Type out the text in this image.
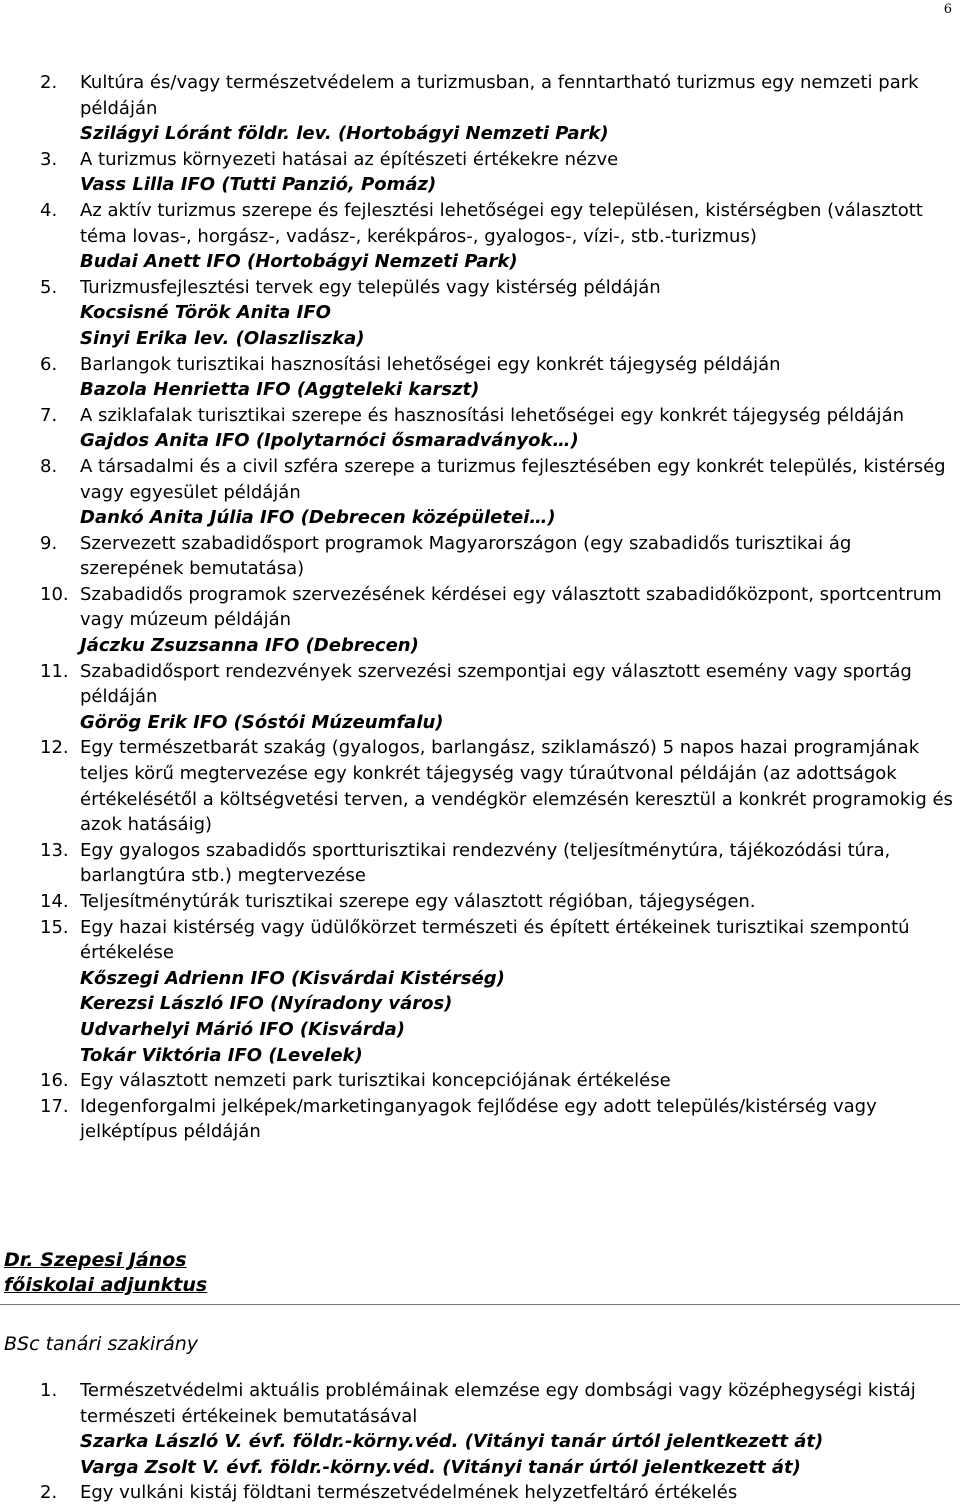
6
2.	Kultúra és/vagy természetvédelem a turizmusban, a fenntartható turizmus egy nemzeti park példáján
Szilágyi Lóránt földr. lev. (Hortobágyi Nemzeti Park)
3.	A turizmus környezeti hatásai az építészeti értékekre nézve
Vass Lilla IFO (Tutti Panzió, Pomáz)
4.	Az aktív turizmus szerepe és fejlesztési lehetőségei egy településen, kistérségben (választott téma lovas-, horgász-, vadász-, kerékpáros-, gyalogos-, vízi-, stb.-turizmus)
Budai Anett IFO (Hortobágyi Nemzeti Park)
5.	Turizmusfejlesztési tervek egy település vagy kistérség példáján
Kocsisné Török Anita IFO
Sinyi Erika lev. (Olaszliszka)
6.	Barlangok turisztikai hasznosítási lehetőségei egy konkrét tájegység példáján
Bazola Henrietta IFO (Aggteleki karszt)
7.	A sziklafalak turisztikai szerepe és hasznosítási lehetőségei egy konkrét tájegység példáján
Gajdos Anita IFO (Ipolytarnóci ősmaradványok…)
8.	A társadalmi és a civil szféra szerepe a turizmus fejlesztésében egy konkrét település, kistérség vagy egyesület példáján
Dankó Anita Júlia IFO (Debrecen középületei…)
9.	Szervezett szabadidősport programok Magyarországon (egy szabadidős turisztikai ág szerepének bemutatása)
10. Szabadidős programok szervezésének kérdései egy választott szabadidőközpont, sportcentrum vagy múzeum példáján
Jáczku Zsuzsanna IFO (Debrecen)
11. Szabadidősport rendezvények szervezési szempontjai egy választott esemény vagy sportág példáján
Görög Erik IFO (Sóstói Múzeumfalu)
12. Egy természetbarát szakág (gyalogos, barlangász, sziklamászó) 5 napos hazai programjának teljes körű megtervezése egy konkrét tájegység vagy túraútvonal példáján (az adottságok értékelésétől a költségvetési terven, a vendégkör elemzésén keresztül a konkrét programokig és azok hatásáig)
13. Egy gyalogos szabadidős sportturisztikai rendezvény (teljesítménytúra, tájékozódási túra, barlangtúra stb.) megtervezése
14. Teljesítménytúrák turisztikai szerepe egy választott régióban, tájegységen.
15. Egy hazai kistérség vagy üdülőkörzet természeti és épített értékeinek turisztikai szempontú értékelése
Kőszegi Adrienn IFO (Kisvárdai Kistérség)
Kerezsi László IFO (Nyíradony város)
Udvarhelyi Márió IFO (Kisvárda)
Tokár Viktória IFO (Levelek)
16. Egy választott nemzeti park turisztikai koncepciójának értékelése
17. Idegenforgalmi jelképek/marketinganyagok fejlődése egy adott település/kistérség vagy jelképtípus példáján
Dr. Szepesi János
főiskolai adjunktus
BSc tanári szakirány
1.	Természetvédelmi aktuális problémáinak elemzése egy dombsági vagy középhegységi kistáj természeti értékeinek bemutatásával
Szarka László V. évf. földr.-körny.véd. (Vitányi tanár úrtól jelentkezett át)
Varga Zsolt V. évf. földr.-körny.véd. (Vitányi tanár úrtól jelentkezett át)
2.	Egy vulkáni kistáj földtani természetvédelmének helyzetfeltáró értékelés
